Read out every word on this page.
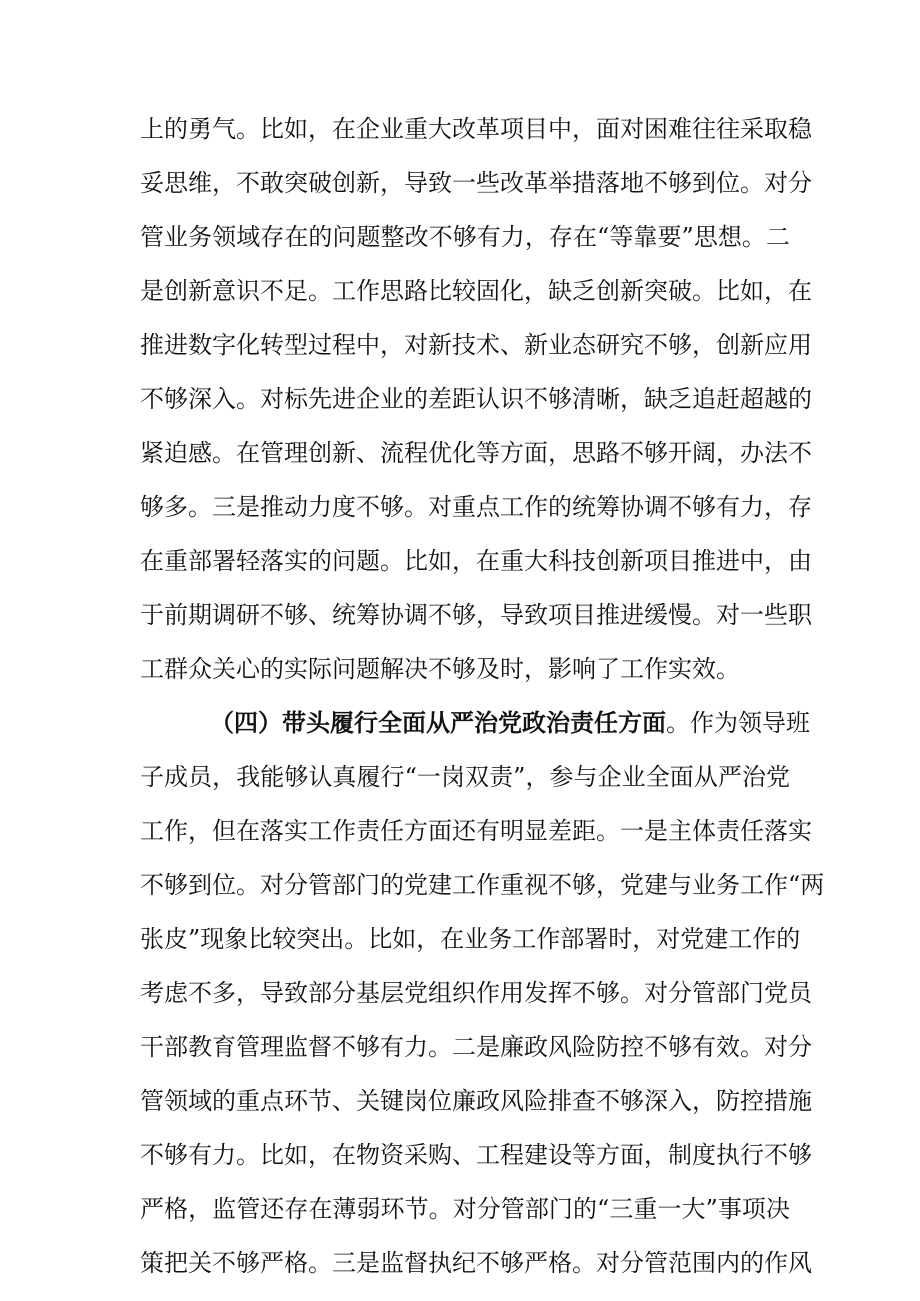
上的勇气。比如，在企业重大改革项目中，面对困难往往采取稳
妥思维，不敢突破创新，导致一些改革举措落地不够到位。对分
管业务领域存在的问题整改不够有力，存在“等靠要”思想。二
是创新意识不足。工作思路比较固化，缺乏创新突破。比如，在
推进数字化转型过程中，对新技术、新业态研究不够，创新应用
不够深入。对标先进企业的差距认识不够清晰，缺乏追赶超越的
紧迫感。在管理创新、流程优化等方面，思路不够开阔，办法不
够多。三是推动力度不够。对重点工作的统筹协调不够有力，存
在重部署轻落实的问题。比如，在重大科技创新项目推进中，由
于前期调研不够、统筹协调不够，导致项目推进缓慢。对一些职
工群众关心的实际问题解决不够及时，影响了工作实效。
（四）带头履行全面从严治党政治责任方面。作为领导班
子成员，我能够认真履行“一岗双责”，参与企业全面从严治党
工作，但在落实工作责任方面还有明显差距。一是主体责任落实
不够到位。对分管部门的党建工作重视不够，党建与业务工作“两
张皮”现象比较突出。比如，在业务工作部署时，对党建工作的
考虑不多，导致部分基层党组织作用发挥不够。对分管部门党员
干部教育管理监督不够有力。二是廉政风险防控不够有效。对分
管领域的重点环节、关键岗位廉政风险排查不够深入，防控措施
不够有力。比如，在物资采购、工程建设等方面，制度执行不够
严格，监管还存在薄弱环节。对分管部门的“三重一大”事项决
策把关不够严格。三是监督执纪不够严格。对分管范围内的作风
